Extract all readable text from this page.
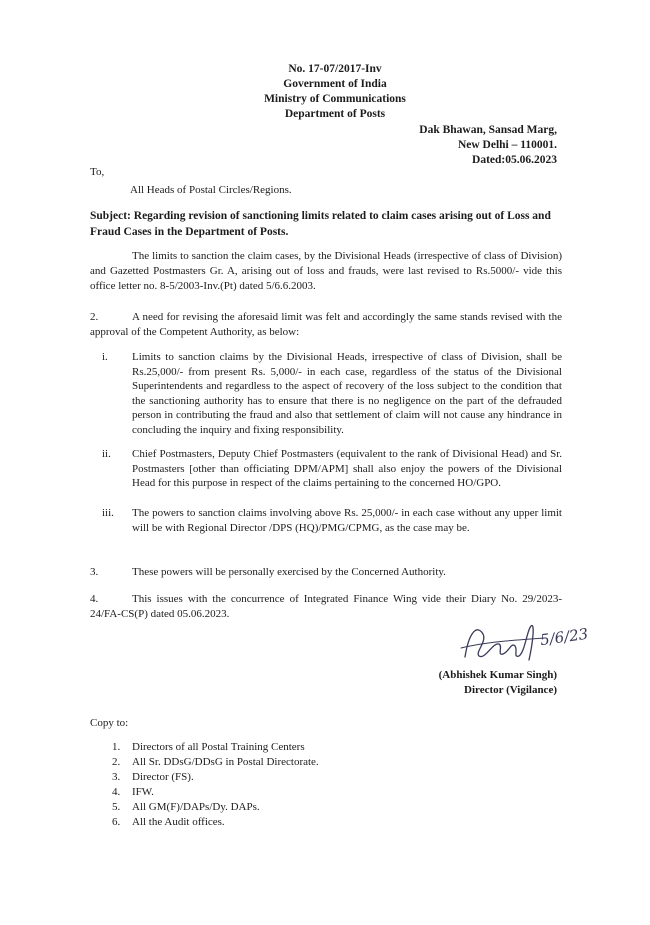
No. 17-07/2017-Inv
Government of India
Ministry of Communications
Department of Posts
Dak Bhawan, Sansad Marg,
New Delhi – 110001.
Dated:05.06.2023
To,
All Heads of Postal Circles/Regions.
Subject: Regarding revision of sanctioning limits related to claim cases arising out of Loss and Fraud Cases in the Department of Posts.
The limits to sanction the claim cases, by the Divisional Heads (irrespective of class of Division) and Gazetted Postmasters Gr. A, arising out of loss and frauds, were last revised to Rs.5000/- vide this office letter no. 8-5/2003-Inv.(Pt) dated 5/6.6.2003.
2.	A need for revising the aforesaid limit was felt and accordingly the same stands revised with the approval of the Competent Authority, as below:
i. Limits to sanction claims by the Divisional Heads, irrespective of class of Division, shall be Rs.25,000/- from present Rs. 5,000/- in each case, regardless of the status of the Divisional Superintendents and regardless to the aspect of recovery of the loss subject to the condition that the sanctioning authority has to ensure that there is no negligence on the part of the defrauded person in contributing the fraud and also that settlement of claim will not cause any hindrance in concluding the inquiry and fixing responsibility.
ii. Chief Postmasters, Deputy Chief Postmasters (equivalent to the rank of Divisional Head) and Sr. Postmasters [other than officiating DPM/APM] shall also enjoy the powers of the Divisional Head for this purpose in respect of the claims pertaining to the concerned HO/GPO.
iii. The powers to sanction claims involving above Rs. 25,000/- in each case without any upper limit will be with Regional Director /DPS (HQ)/PMG/CPMG, as the case may be.
3.	These powers will be personally exercised by the Concerned Authority.
4.	This issues with the concurrence of Integrated Finance Wing vide their Diary No. 29/2023-24/FA-CS(P) dated 05.06.2023.
5/6/23
(Abhishek Kumar Singh)
Director (Vigilance)
Copy to:
1. Directors of all Postal Training Centers
2. All Sr. DDsG/DDsG in Postal Directorate.
3. Director (FS).
4. IFW.
5. All GM(F)/DAPs/Dy. DAPs.
6. All the Audit offices.
